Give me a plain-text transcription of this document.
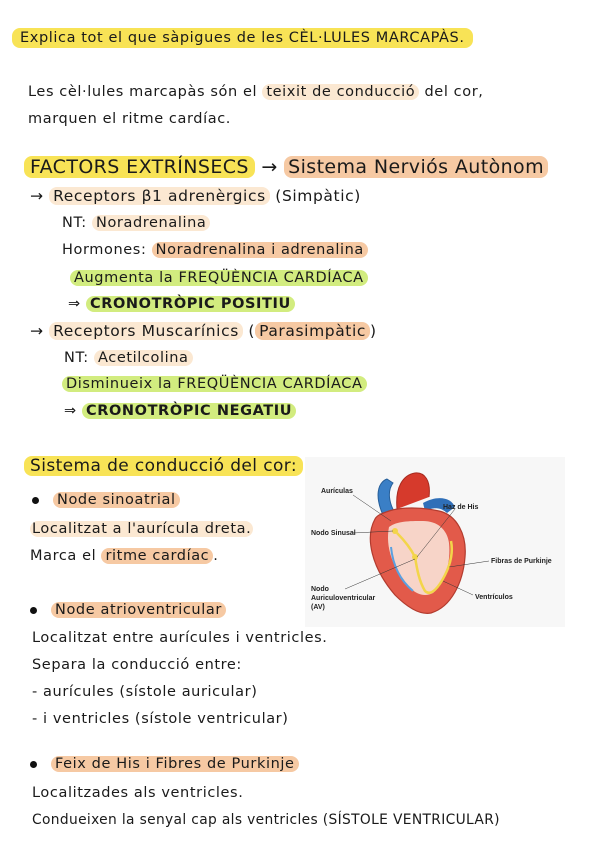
Explica tot el que sàpigues de les CÈL·LULES MARCAPÀS.
Les cèl·lules marcapàs són el teixit de conducció del cor,
marquen el ritme cardíac.
FACTORS EXTRÍNSECS → Sistema Nerviós Autònom
→ Receptors β1 adrenèrgics (Simpàtic)
NT: Noradrenalina
Hormones: Noradrenalina i adrenalina
Augmenta la FREQÜÈNCIA CARDÍACA
⇒ CRONOTRÒPIC POSITIU
→ Receptors Muscarínics ( Parasimpàtic )
NT: Acetilcolina
Disminueix la FREQÜÈNCIA CARDÍACA
⇒ CRONOTRÒPIC NEGATIU
Sistema de conducció del cor:
Node sinoatrial
Localitzat a l'aurícula dreta.
Marca el ritme cardíac .
Node atrioventricular
Localitzat entre aurícules i ventricles.
Separa la conducció entre:
- aurícules (sístole auricular)
- i ventricles (sístole ventricular)
Feix de His i Fibres de Purkinje
Localitzades als ventricles.
Condueixen la senyal cap als ventricles (SÍSTOLE VENTRICULAR)
Aurículas
Haz de His
Nodo Sinusal
Fibras de Purkinje
Ventrículos
Nodo
Auriculoventricular
(AV)
